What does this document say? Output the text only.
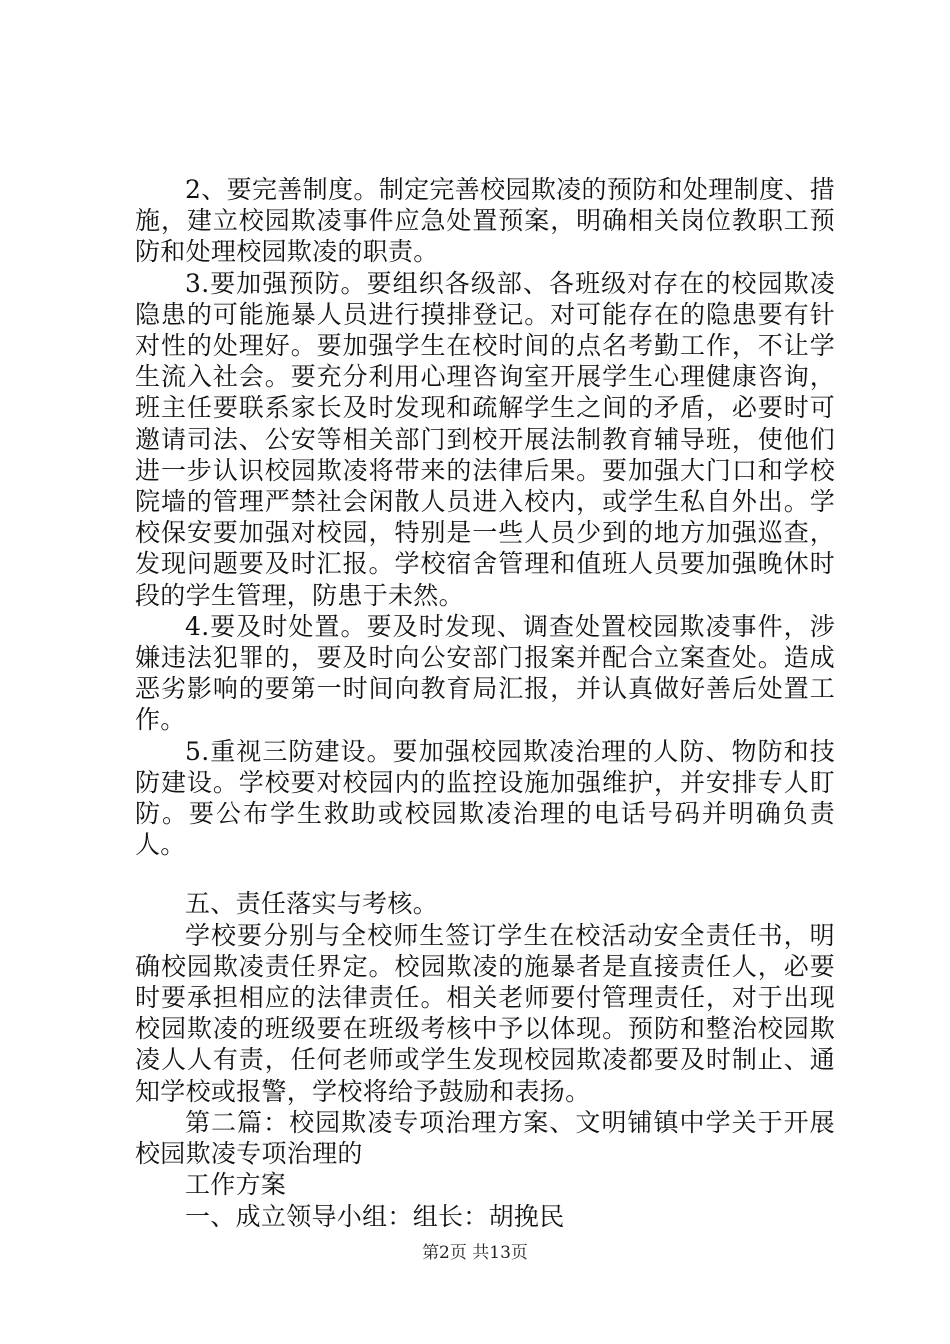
2、要完善制度。制定完善校园欺凌的预防和处理制度、措施，建立校园欺凌事件应急处置预案，明确相关岗位教职工预防和处理校园欺凌的职责。

3.要加强预防。要组织各级部、各班级对存在的校园欺凌隐患的可能施暴人员进行摸排登记。对可能存在的隐患要有针对性的处理好。要加强学生在校时间的点名考勤工作，不让学生流入社会。要充分利用心理咨询室开展学生心理健康咨询，班主任要联系家长及时发现和疏解学生之间的矛盾，必要时可邀请司法、公安等相关部门到校开展法制教育辅导班，使他们进一步认识校园欺凌将带来的法律后果。要加强大门口和学校院墙的管理严禁社会闲散人员进入校内，或学生私自外出。学校保安要加强对校园，特别是一些人员少到的地方加强巡查，发现问题要及时汇报。学校宿舍管理和值班人员要加强晚休时段的学生管理，防患于未然。

4.要及时处置。要及时发现、调查处置校园欺凌事件，涉嫌违法犯罪的，要及时向公安部门报案并配合立案查处。造成恶劣影响的要第一时间向教育局汇报，并认真做好善后处置工作。

5.重视三防建设。要加强校园欺凌治理的人防、物防和技防建设。学校要对校园内的监控设施加强维护，并安排专人盯防。要公布学生救助或校园欺凌治理的电话号码并明确负责人。

五、责任落实与考核。

学校要分别与全校师生签订学生在校活动安全责任书，明确校园欺凌责任界定。校园欺凌的施暴者是直接责任人，必要时要承担相应的法律责任。相关老师要付管理责任，对于出现校园欺凌的班级要在班级考核中予以体现。预防和整治校园欺凌人人有责，任何老师或学生发现校园欺凌都要及时制止、通知学校或报警，学校将给予鼓励和表扬。

第二篇：校园欺凌专项治理方案、文明铺镇中学关于开展校园欺凌专项治理的

工作方案

一、成立领导小组：组长：胡挽民

第2页 共13页
